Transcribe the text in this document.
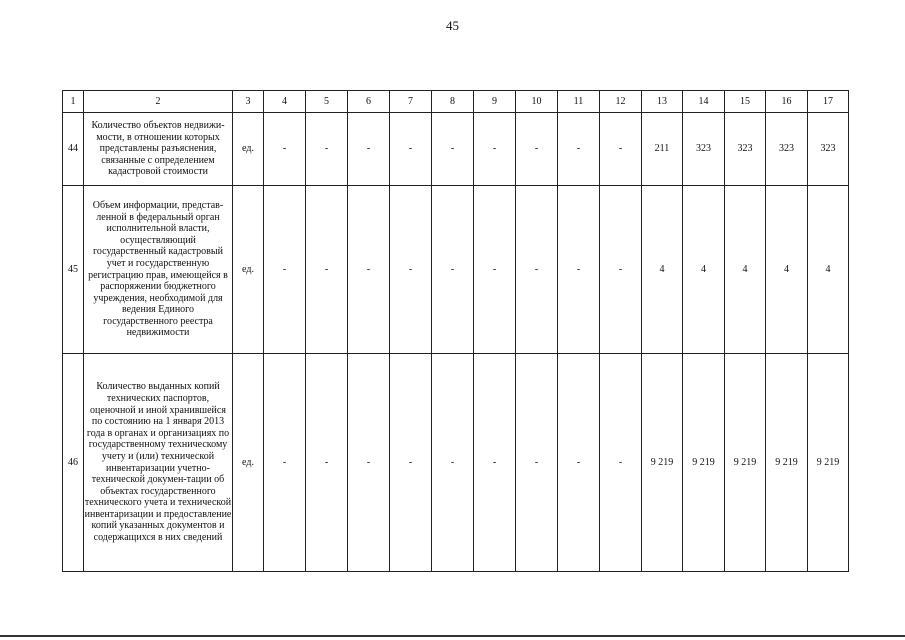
45
1	2	3	4	5	6	7	8	9	10	11	12	13	14	15	16	17
44	Количество объектов недвижи-мости, в отношении которых представлены разъяснения, связанные с определением кадастровой стоимости	ед.	-	-	-	-	-	-	-	-	-	211	323	323	323	323
45	Объем информации, представ-ленной в федеральный орган исполнительной власти, осуществляющий государственный кадастровый учет и государственную регистрацию прав, имеющейся в распоряжении бюджетного учреждения, необходимой для ведения Единого государственного реестра недвижимости	ед.	-	-	-	-	-	-	-	-	-	4	4	4	4	4
46	Количество выданных копий технических паспортов, оценочной и иной хранившейся по состоянию на 1 января 2013 года в органах и организациях по государственному техническому учету и (или) технической инвентаризации учетно-технической докумен-тации об объектах государственного технического учета и технической инвентаризации и предоставление копий указанных документов и содержащихся в них сведений	ед.	-	-	-	-	-	-	-	-	-	9 219	9 219	9 219	9 219	9 219
